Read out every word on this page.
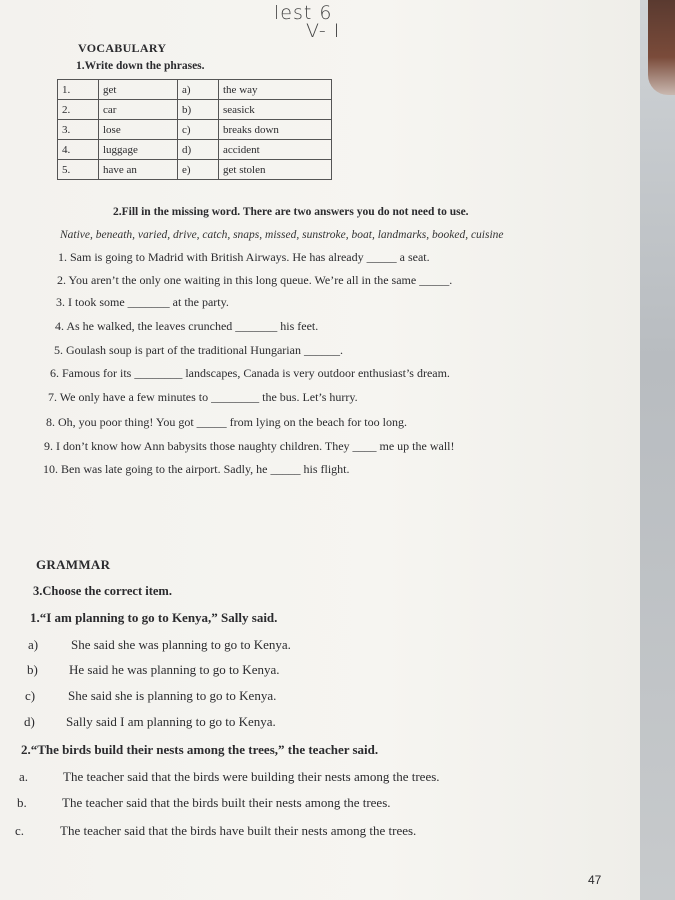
lest 6
V- I
VOCABULARY
1.Write down the phrases.
1.	get	a)	the way
2.	car	b)	seasick
3.	lose	c)	breaks down
4.	luggage	d)	accident
5.	have an	e)	get stolen
2.Fill in the missing word. There are two answers you do not need to use.
Native, beneath, varied, drive, catch, snaps, missed, sunstroke, boat, landmarks, booked, cuisine
1. Sam is going to Madrid with British Airways. He has already _____ a seat.
2. You aren’t the only one waiting in this long queue. We’re all in the same _____.
3. I took some _______ at the party.
4. As he walked, the leaves crunched _______ his feet.
5. Goulash soup is part of the traditional Hungarian ______.
6. Famous for its ________ landscapes, Canada is very outdoor enthusiast’s dream.
7. We only have a few minutes to ________ the bus. Let’s hurry.
8. Oh, you poor thing! You got _____ from lying on the beach for too long.
9. I don’t know how Ann babysits those naughty children. They ____ me up the wall!
10. Ben was late going to the airport. Sadly, he _____ his flight.
GRAMMAR
3.Choose the correct item.
1.“I am planning to go to Kenya,” Sally said.
a)	She said she was planning to go to Kenya.
b) He said he was planning to go to Kenya.
c)	She said she is planning to go to Kenya.
d) Sally said I am planning to go to Kenya.
2.“The birds build their nests among the trees,” the teacher said.
a.	The teacher said that the birds were building their nests among the trees.
b.	The teacher said that the birds built their nests among the trees.
c.	The teacher said that the birds have built their nests among the trees.
47
